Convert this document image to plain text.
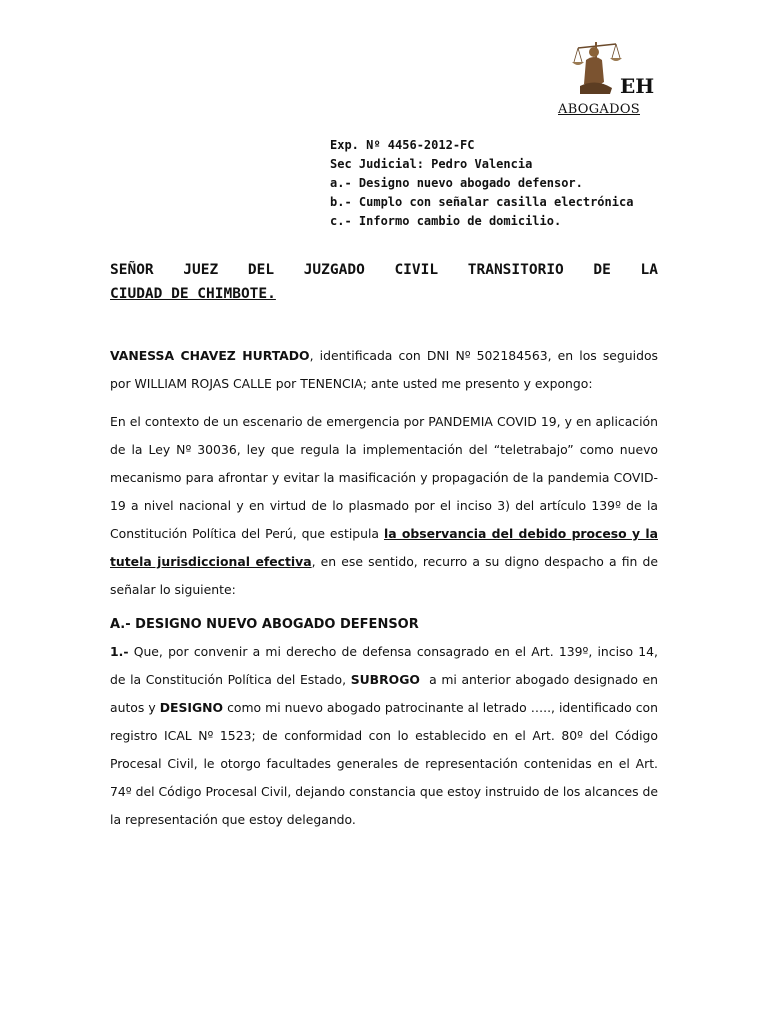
EH
ABOGADOS
Exp. Nº 4456-2012-FC
Sec Judicial: Pedro Valencia
a.- Designo nuevo abogado defensor.
b.- Cumplo con señalar casilla electrónica
c.- Informo cambio de domicilio.
SEÑOR JUEZ DEL JUZGADO CIVIL TRANSITORIO DE LA
CIUDAD DE CHIMBOTE.

VANESSA CHAVEZ HURTADO, identificada con DNI Nº 502184563, en los seguidos por WILLIAM ROJAS CALLE por TENENCIA; ante usted me presento y expongo:

En el contexto de un escenario de emergencia por PANDEMIA COVID 19, y en aplicación de la Ley Nº 30036, ley que regula la implementación del “teletrabajo” como nuevo mecanismo para afrontar y evitar la masificación y propagación de la pandemia COVID-19 a nivel nacional y en virtud de lo plasmado por el inciso 3) del artículo 139º de la Constitución Política del Perú, que estipula la observancia del debido proceso y la tutela jurisdiccional efectiva, en ese sentido, recurro a su digno despacho a fin de señalar lo siguiente:

A.- DESIGNO NUEVO ABOGADO DEFENSOR

1.- Que, por convenir a mi derecho de defensa consagrado en el Art. 139º, inciso 14, de la Constitución Política del Estado, SUBROGO  a mi anterior abogado designado en autos y DESIGNO como mi nuevo abogado patrocinante al letrado ….., identificado con registro ICAL Nº 1523; de conformidad con lo establecido en el Art. 80º del Código Procesal Civil, le otorgo facultades generales de representación contenidas en el Art. 74º del Código Procesal Civil, dejando constancia que estoy instruido de los alcances de la representación que estoy delegando.
